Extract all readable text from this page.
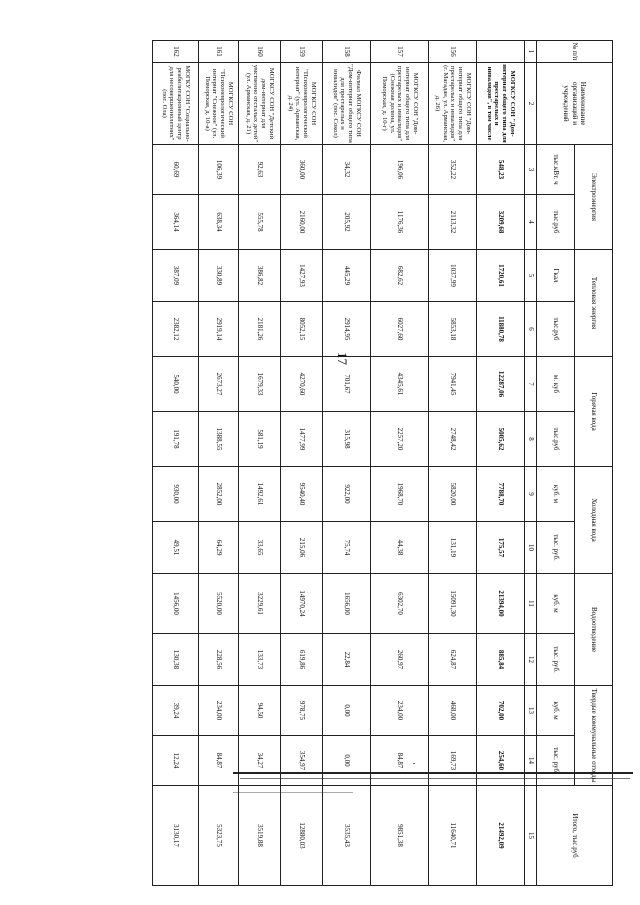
17
№ п/п	Наименование организаций и учреждений	Электроэнергия		Тепловая энергия		Горячая вода		Холодная вода		Водоотведение		Твердые коммунальные отходы		Итого, тыс.руб
		тыс.кВт. ч	тыс.руб	Гкал	тыс.руб	м. куб	тыс.руб	куб. м	тыс. руб.	куб. м	тыс. руб.	куб. м	тыс. руб.	
1	2	3	4	5	6	7	8	9	10	11	12	13	14	15
	МОГКСУ СОН "Дом-интернат общего типа для престарелых и инвалидов", в том числе	548,23	3209,68	1720,61	11880,78	12287,06	5005,62	7788,70	175,57	21394,00	885,84	702,00	254,60	21492,09
156	МОГКСУ СОН "Дом-интернат общего типа для престарелых и инвалидов" (г. Магадан, ул. Арманская, д. 26)	352,22	2113,32	1037,99	5853,18	7941,45	2748,42	5820,00	131,19	15091,30	624,87	468,00	169,73	11640,71
157	МОГКСУ СОН "Дом-интернат общего типа для престарелых и инвалидов" (Снежная долина, ул. Поморская, д. 10-г)	196,06	1176,36	682,62	6027,60	4345,61	2257,20	1968,70	44,38	6302,70	260,97	234,00	84,87	9851,38
158	Филиал МОГКСУ СОН "Дом-интернат общего типа для престарелых и инвалидов" (пос. Сокол)	34,32	205,92	445,29	2914,95	701,67	315,98	922,00	75,74	1656,00	22,84	0,00	0,00	3535,43
159	МОГКСУ СОН "Психоневрологический интернат" (ул. Арманская, д. 24)	360,00	2160,00	1427,93	8052,15	4270,60	1477,99	9540,40	215,06	14970,24	619,86	978,75	354,97	12880,03
160	МОГКСУ СОН "Детский дом-интернат для умственно отсталых детей" (ул. Арманская, д. 21)	92,63	555,78	386,82	2181,26	1679,33	581,19	1492,61	33,65	3229,61	133,73	94,50	34,27	3519,88
161	МОГКСУ СОН "Психоневрологический интернат "Снежное" (ул. Поморская, д. 10-а)	106,39	638,34	330,89	2919,14	2673,27	1388,55	2852,00	64,29	5520,00	228,56	234,00	84,87	5323,75
162	МОГКУ СОН "Социально-реабилитационный центр для несовершеннолетних" (пос. Ола)	60,69	364,14	387,09	2382,12	540,00	191,78	930,00	49,51	1456,00	130,38	39,24	12,24	3130,17
